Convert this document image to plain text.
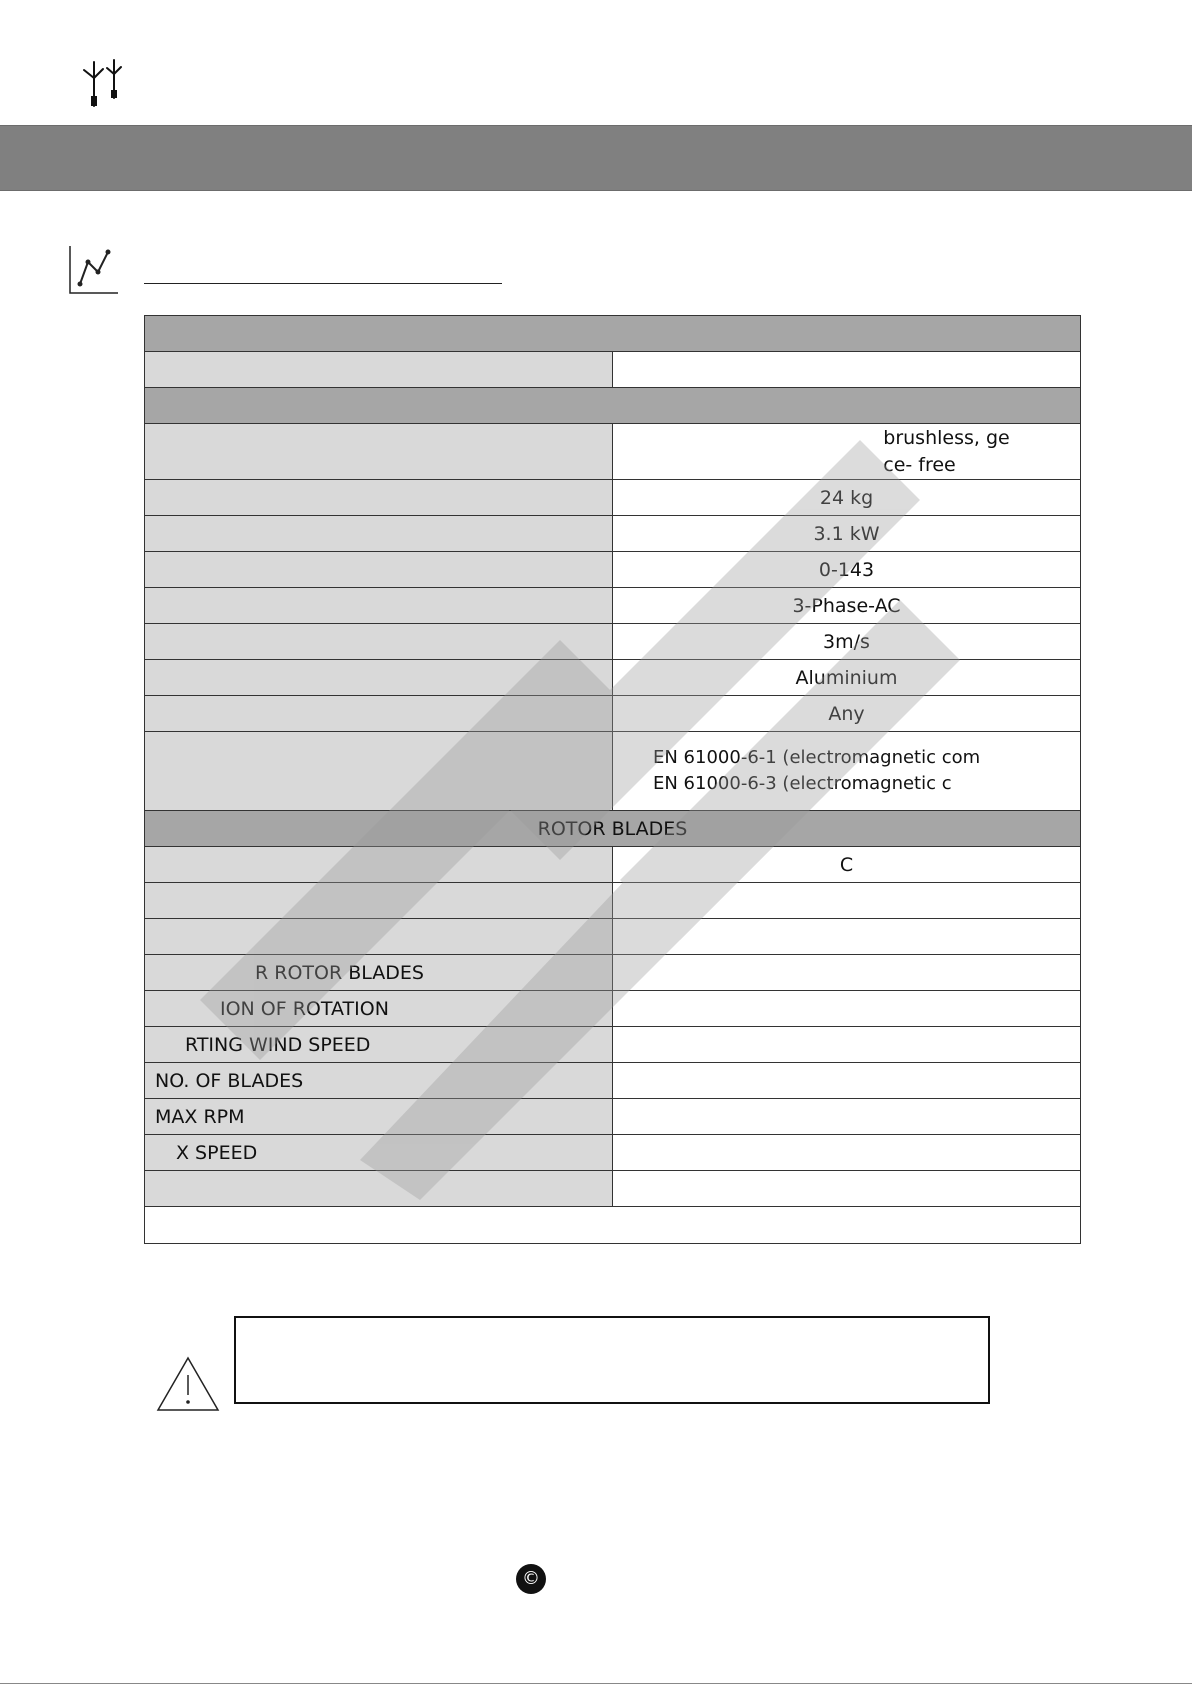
	brushless, ge
ce- free

	24 kg
	3.1 kW
	0-143
	3-Phase-AC
	3m/s
	Aluminium
	Any

	EN 61000-6-1 (electromagnetic com
EN 61000-6-3 (electromagnetic c

ROTOR BLADES	
	C

R ROTOR BLADES	
ION OF ROTATION	
RTING WIND SPEED	
NO. OF BLADES	
MAX RPM	
X SPEED	

©
